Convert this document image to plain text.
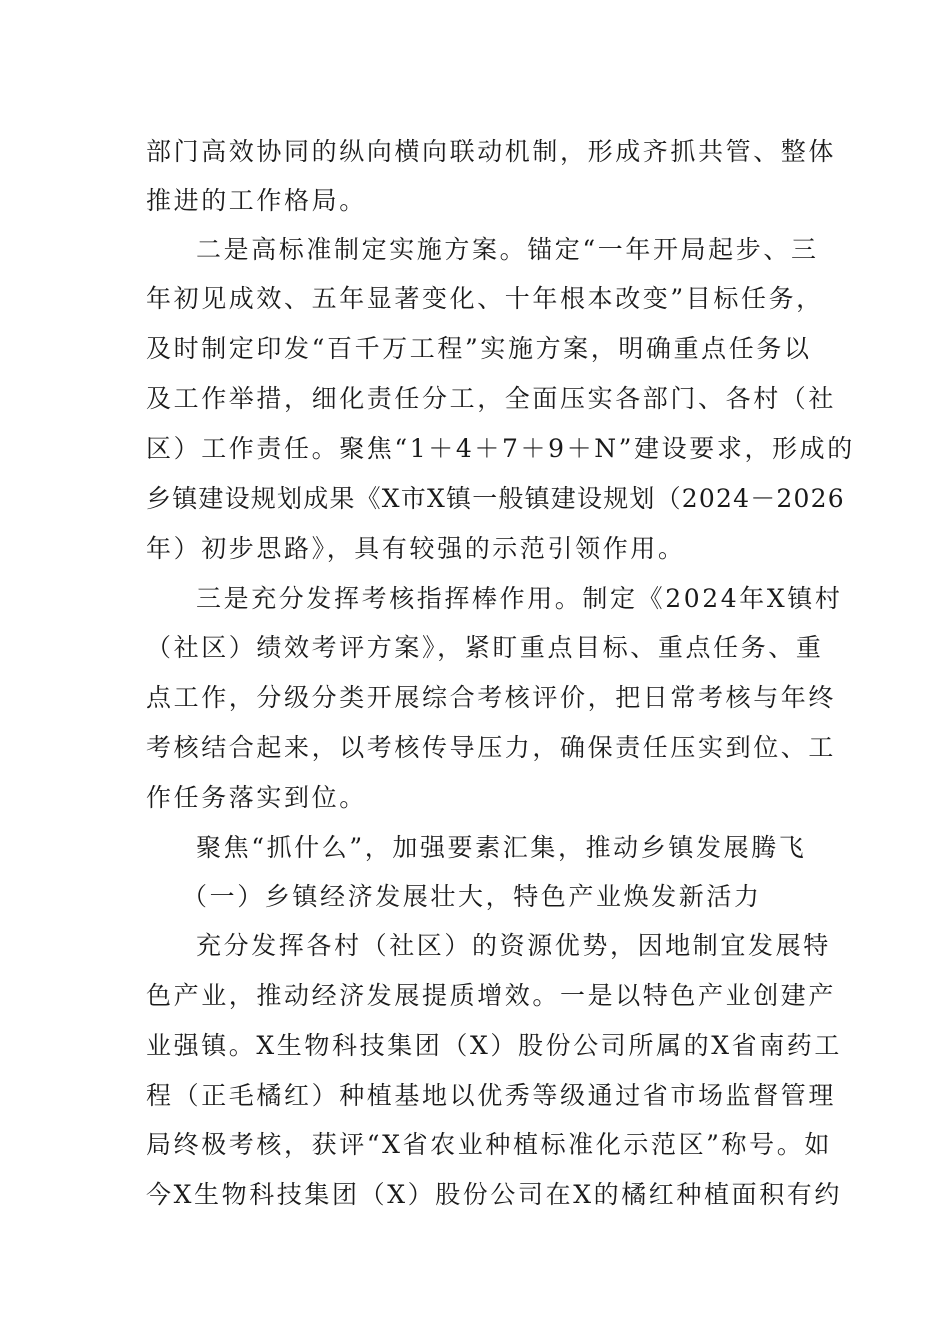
部门高效协同的纵向横向联动机制，形成齐抓共管、整体
推进的工作格局。
二是高标准制定实施方案。锚定“一年开局起步、三
年初见成效、五年显著变化、十年根本改变”目标任务，
及时制定印发“百千万工程”实施方案，明确重点任务以
及工作举措，细化责任分工，全面压实各部门、各村（社
区）工作责任。聚焦“1＋4＋7＋9＋N”建设要求，形成的
乡镇建设规划成果《X市X镇一般镇建设规划（2024－2026
年）初步思路》，具有较强的示范引领作用。
三是充分发挥考核指挥棒作用。制定《2024年X镇村
（社区）绩效考评方案》，紧盯重点目标、重点任务、重
点工作，分级分类开展综合考核评价，把日常考核与年终
考核结合起来，以考核传导压力，确保责任压实到位、工
作任务落实到位。
聚焦“抓什么”，加强要素汇集，推动乡镇发展腾飞
（一）乡镇经济发展壮大，特色产业焕发新活力
充分发挥各村（社区）的资源优势，因地制宜发展特
色产业，推动经济发展提质增效。一是以特色产业创建产
业强镇。X生物科技集团（X）股份公司所属的X省南药工
程（正毛橘红）种植基地以优秀等级通过省市场监督管理
局终极考核，获评“X省农业种植标准化示范区”称号。如
今X生物科技集团（X）股份公司在X的橘红种植面积有约
